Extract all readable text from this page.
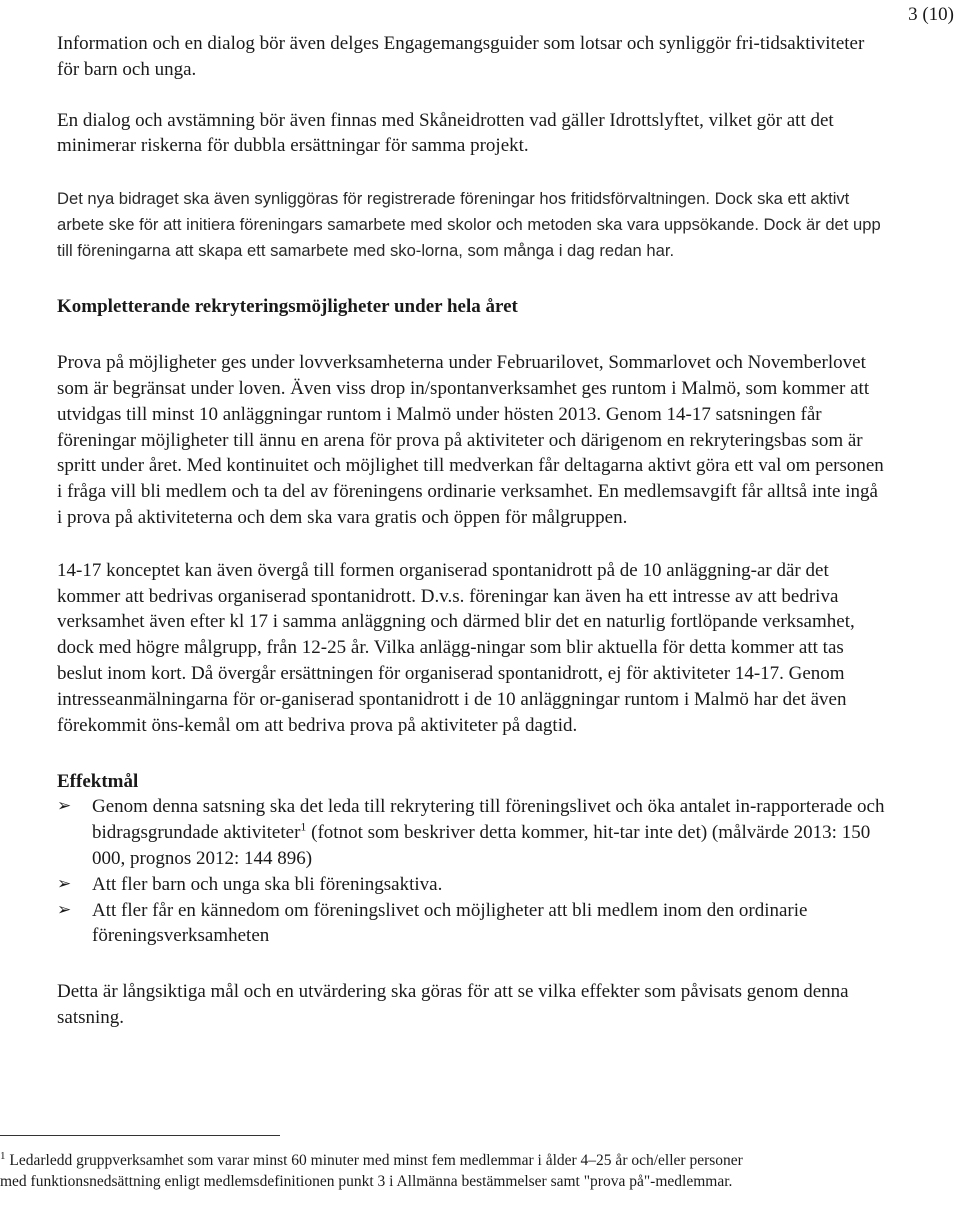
3 (10)

Information och en dialog bör även delges Engagemangsguider som lotsar och synliggör fri-tidsaktiviteter för barn och unga.

En dialog och avstämning bör även finnas med Skåneidrotten vad gäller Idrottslyftet, vilket gör att det minimerar riskerna för dubbla ersättningar för samma projekt.

Det nya bidraget ska även synliggöras för registrerade föreningar hos fritidsförvaltningen. Dock ska ett aktivt arbete ske för att initiera föreningars samarbete med skolor och metoden ska vara uppsökande. Dock är det upp till föreningarna att skapa ett samarbete med sko-lorna, som många i dag redan har.

Kompletterande rekryteringsmöjligheter under hela året

Prova på möjligheter ges under lovverksamheterna under Februarilovet, Sommarlovet och Novemberlovet som är begränsat under loven. Även viss drop in/spontanverksamhet ges runtom i Malmö, som kommer att utvidgas till minst 10 anläggningar runtom i Malmö under hösten 2013. Genom 14-17 satsningen får föreningar möjligheter till ännu en arena för prova på aktiviteter och därigenom en rekryteringsbas som är spritt under året. Med kontinuitet och möjlighet till medverkan får deltagarna aktivt göra ett val om personen i fråga vill bli medlem och ta del av föreningens ordinarie verksamhet. En medlemsavgift får alltså inte ingå i prova på aktiviteterna och dem ska vara gratis och öppen för målgruppen.

14-17 konceptet kan även övergå till formen organiserad spontanidrott på de 10 anläggning-ar där det kommer att bedrivas organiserad spontanidrott. D.v.s. föreningar kan även ha ett intresse av att bedriva verksamhet även efter kl 17 i samma anläggning och därmed blir det en naturlig fortlöpande verksamhet, dock med högre målgrupp, från 12-25 år. Vilka anlägg-ningar som blir aktuella för detta kommer att tas beslut inom kort. Då övergår ersättningen för organiserad spontanidrott, ej för aktiviteter 14-17. Genom intresseanmälningarna för or-ganiserad spontanidrott i de 10 anläggningar runtom i Malmö har det även förekommit öns-kemål om att bedriva prova på aktiviteter på dagtid.

Effektmål
➢ Genom denna satsning ska det leda till rekrytering till föreningslivet och öka antalet in-rapporterade och bidragsgrundade aktiviteter$^1$ (fotnot som beskriver detta kommer, hit-tar inte det) (målvärde 2013: 150 000, prognos 2012: 144 896)
➢ Att fler barn och unga ska bli föreningsaktiva.
➢ Att fler får en kännedom om föreningslivet och möjligheter att bli medlem inom den ordinarie föreningsverksamheten

Detta är långsiktiga mål och en utvärdering ska göras för att se vilka effekter som påvisats genom denna satsning.

$^1$ Ledarledd gruppverksamhet som varar minst 60 minuter med minst fem medlemmar i ålder 4–25 år och/eller personer med funktionsnedsättning enligt medlemsdefinitionen punkt 3 i Allmänna bestämmelser samt "prova på"-medlemmar.
